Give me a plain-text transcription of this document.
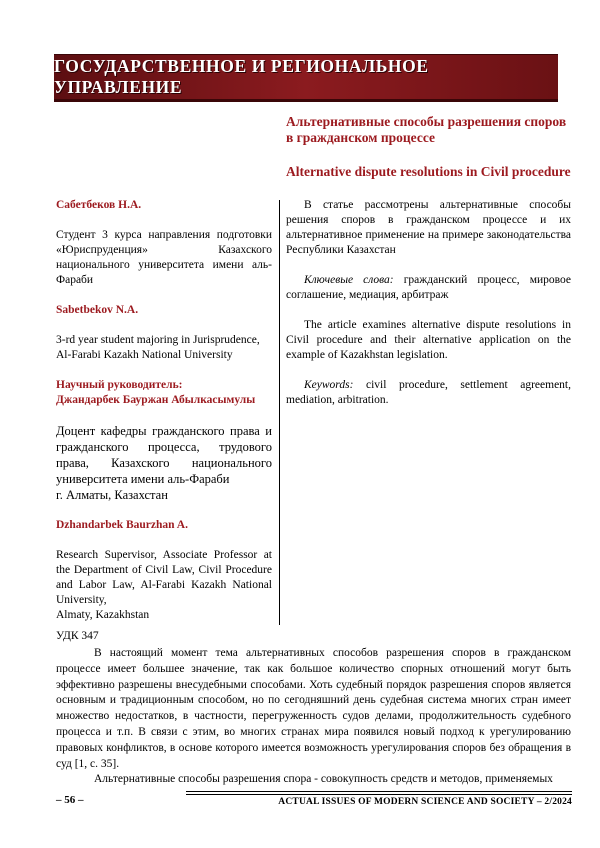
ГОСУДАРСТВЕННОЕ И РЕГИОНАЛЬНОЕ УПРАВЛЕНИЕ
Альтернативные способы разрешения споров в гражданском процессе
Alternative dispute resolutions in Civil procedure

Сабетбеков Н.А.

Студент 3 курса направления подготовки «Юриспруденция» Казахского национального университета имени аль-Фараби

Sabetbekov N.A.

3-rd year student majoring in Jurisprudence, Al-Farabi Kazakh National University

Научный руководитель:

Джандарбек Бауржан Абылкасымулы

Доцент кафедры гражданского права и гражданского процесса, трудового права, Казахского национального университета имени аль-Фараби

г. Алматы, Казахстан

Dzhandarbek Baurzhan A.

Research Supervisor, Associate Professor at the Department of Civil Law, Civil Procedure and Labor Law, Al-Farabi Kazakh National University,

Almaty, Kazakhstan

В статье рассмотрены альтернативные способы решения споров в гражданском процессе и их альтернативное применение на примере законодательства Республики Казахстан

Ключевые слова: гражданский процесс, мировое соглашение, медиация, арбитраж

The article examines alternative dispute resolutions in Civil procedure and their alternative application on the example of Kazakhstan legislation.

Keywords: civil procedure, settlement agreement, mediation, arbitration.

УДК 347

В настоящий момент тема альтернативных способов разрешения споров в гражданском процессе имеет большее значение, так как большое количество спорных отношений могут быть эффективно разрешены внесудебными способами. Хоть судебный порядок разрешения споров является основным и традиционным способом, но по сегодняшний день судебная система многих стран имеет множество недостатков, в частности, перегруженность судов делами, продолжительность судебного процесса и т.п. В связи с этим, во многих странах мира появился новый подход к урегулированию правовых конфликтов, в основе которого имеется возможность урегулирования споров без обращения в суд [1, с. 35].

Альтернативные способы разрешения спора - совокупность средств и методов, применяемых

– 56 –	ACTUAL ISSUES OF MODERN SCIENCE AND SOCIETY – 2/2024
